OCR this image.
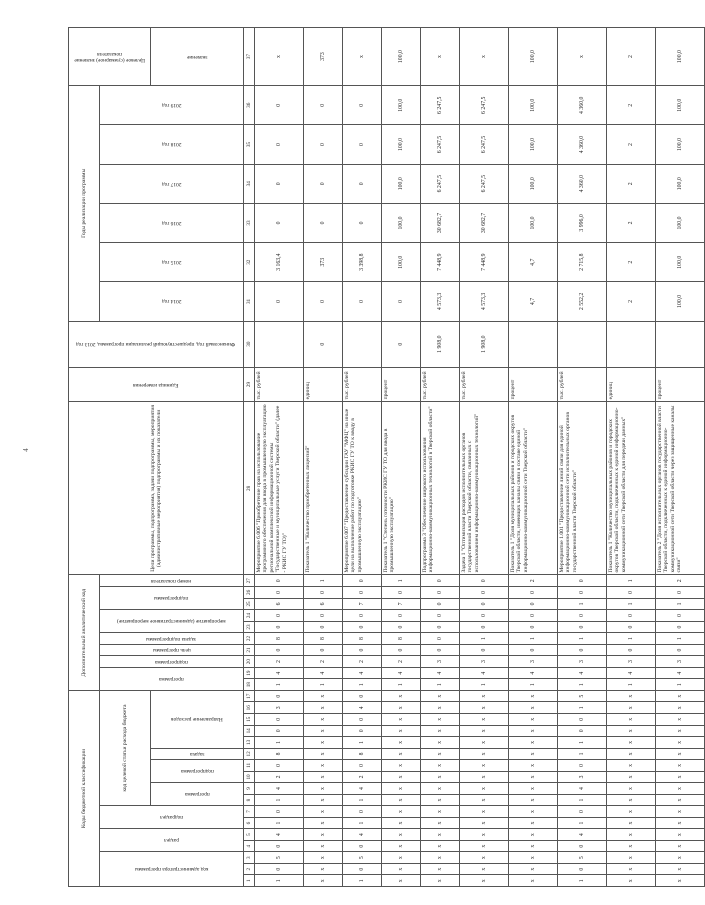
4
Коды бюджетной классификации																	Дополнительный аналитический код										Цели программы, подпрограмма, задачи подпрограммы, мероприятия (административные мероприятия) подпрограммы и их показатели	Единица измерения	Финансовый год, предшествующий реализации программы, 2013 год	Годы реализации программы						Целевое (суммарное) значение показателя

код администратора программы			раздел		подраздел		код целевой статьи расхода бюджета										программа		подпрограмма	цель программы	задача подпрограммы	мероприятие (административное мероприятие)		подпрограммы		номер показателя				2014 год	2015 год	2016 год	2017 год	2018 год	2019 год	

							программа		подпрограмма		задача	Направление расходов																								значение

1	2	3	4	5	6	7	8	9	10	11	12	13	14	15	16	17	18	19	20	21	22	23	24	25	26	27	28	29	30	31	32	33	34	35	36	37
1	0	5	0	4	1	0	1	4	2	0	8	1	0	0	3	0	1	4	2	0	8	0	0	6	0	0	Мероприятие 6.006 "Приобретение прав на использование программного обеспечения для ввода в промышленную эксплуатацию региональной комплексной информационной системы "Государственные и муниципальные услуги Тверской области" (далее - РКИС ГУ ТО)"	тыс. рублей		0	3 163,4	0	0	0	0	x
x	x	x	x	x	x	x	x	x	x	x	x	x	x	x	x	x	1	4	2	0	8	0	0	6	0	1	Показатель 1 "Количество приобретенных лицензий"	единиц	0	0	373	0	0	0	0	373
1	0	5	0	4	1	0	1	4	2	0	8	1	0	0	4	0	1	4	2	0	8	0	0	7	0	0	Мероприятие 6.007 "Предоставление субсидии ГАУ "МФЦ" на иные цели на выполнение работ по подготовке РКИС ГУ ТО к вводу в промышленную эксплуатацию"	тыс. рублей		0	3 398,8	0	0	0	0	x
x	x	x	x	x	x	x	x	x	x	x	x	x	x	x	x	x	1	4	2	0	8	0	0	7	0	1	Показатель 1 "Степень готовности РКИС ГУ ТО для ввода в промышленную эксплуатацию"	процент	0	0	100,0	100,0	100,0	100,0	100,0	100,0
x	x	x	x	x	x	x	x	x	x	x	x	x	x	x	x	x	1	4	3	0	0	0	0	0	0	0	Подпрограмма 3 "Обеспечение широкого использования информационно-коммуникационных технологий в Тверской области"	тыс. рублей	1 908,0	4 573,3	7 448,9	30 682,7	6 247,5	6 247,5	6 247,5	x
x	x	x	x	x	x	x	x	x	x	x	x	x	x	x	x	x	1	4	3	0	1	0	0	0	0	0	Задача 1 "Оптимизация расходов исполнительных органов государственной власти Тверской области, связанных с использованием информационно-коммуникационных технологий"	тыс. рублей	1 908,0	4 573,3	7 448,9	30 682,7	6 247,5	6 247,5	6 247,5	x
x	x	x	x	x	x	x	x	x	x	x	x	x	x	x	x	x	1	4	3	0	1	0	0	0	0	2	Показатель 1 "Доля муниципальных районов и городских округов Тверской области, имеющих каналы связи в составе единой информационно-коммуникационной сети Тверской области"	процент		4,7	4,7	100,0	100,0	100,0	100,0	100,0
1	0	5	0	4	1	0	1	4	3	0	1	1	0	0	1	5	1	4	3	0	1	0	0	1	0	0	Мероприятие 1.001 "Предоставление линий связи для единой информационно-коммуникационной сети исполнительных органов государственной власти Тверской области"	тыс. рублей		2 552,2	2 715,8	3 996,0	4 360,0	4 360,0	4 360,0	x
x	x	x	x	x	x	x	x	x	x	x	x	x	x	x	x	x	1	4	3	0	1	0	0	1	0	1	Показатель 1 "Количество муниципальных районов и городских округов Тверской области, подключенных к единой информационно-коммуникационной сети Тверской области для передачи данных"	единиц		2	2	2	2	2	2	2
x	x	x	x	x	x	x	x	x	x	x	x	x	x	x	x	x	1	4	3	0	1	0	0	1	0	2	Показатель 2 "Доля исполнительных органов государственной власти Тверской области, подключенных к единой информационно-коммуникационной сети Тверской области через защищенные каналы связи"	процент		100,0	100,0	100,0	100,0	100,0	100,0	100,0
